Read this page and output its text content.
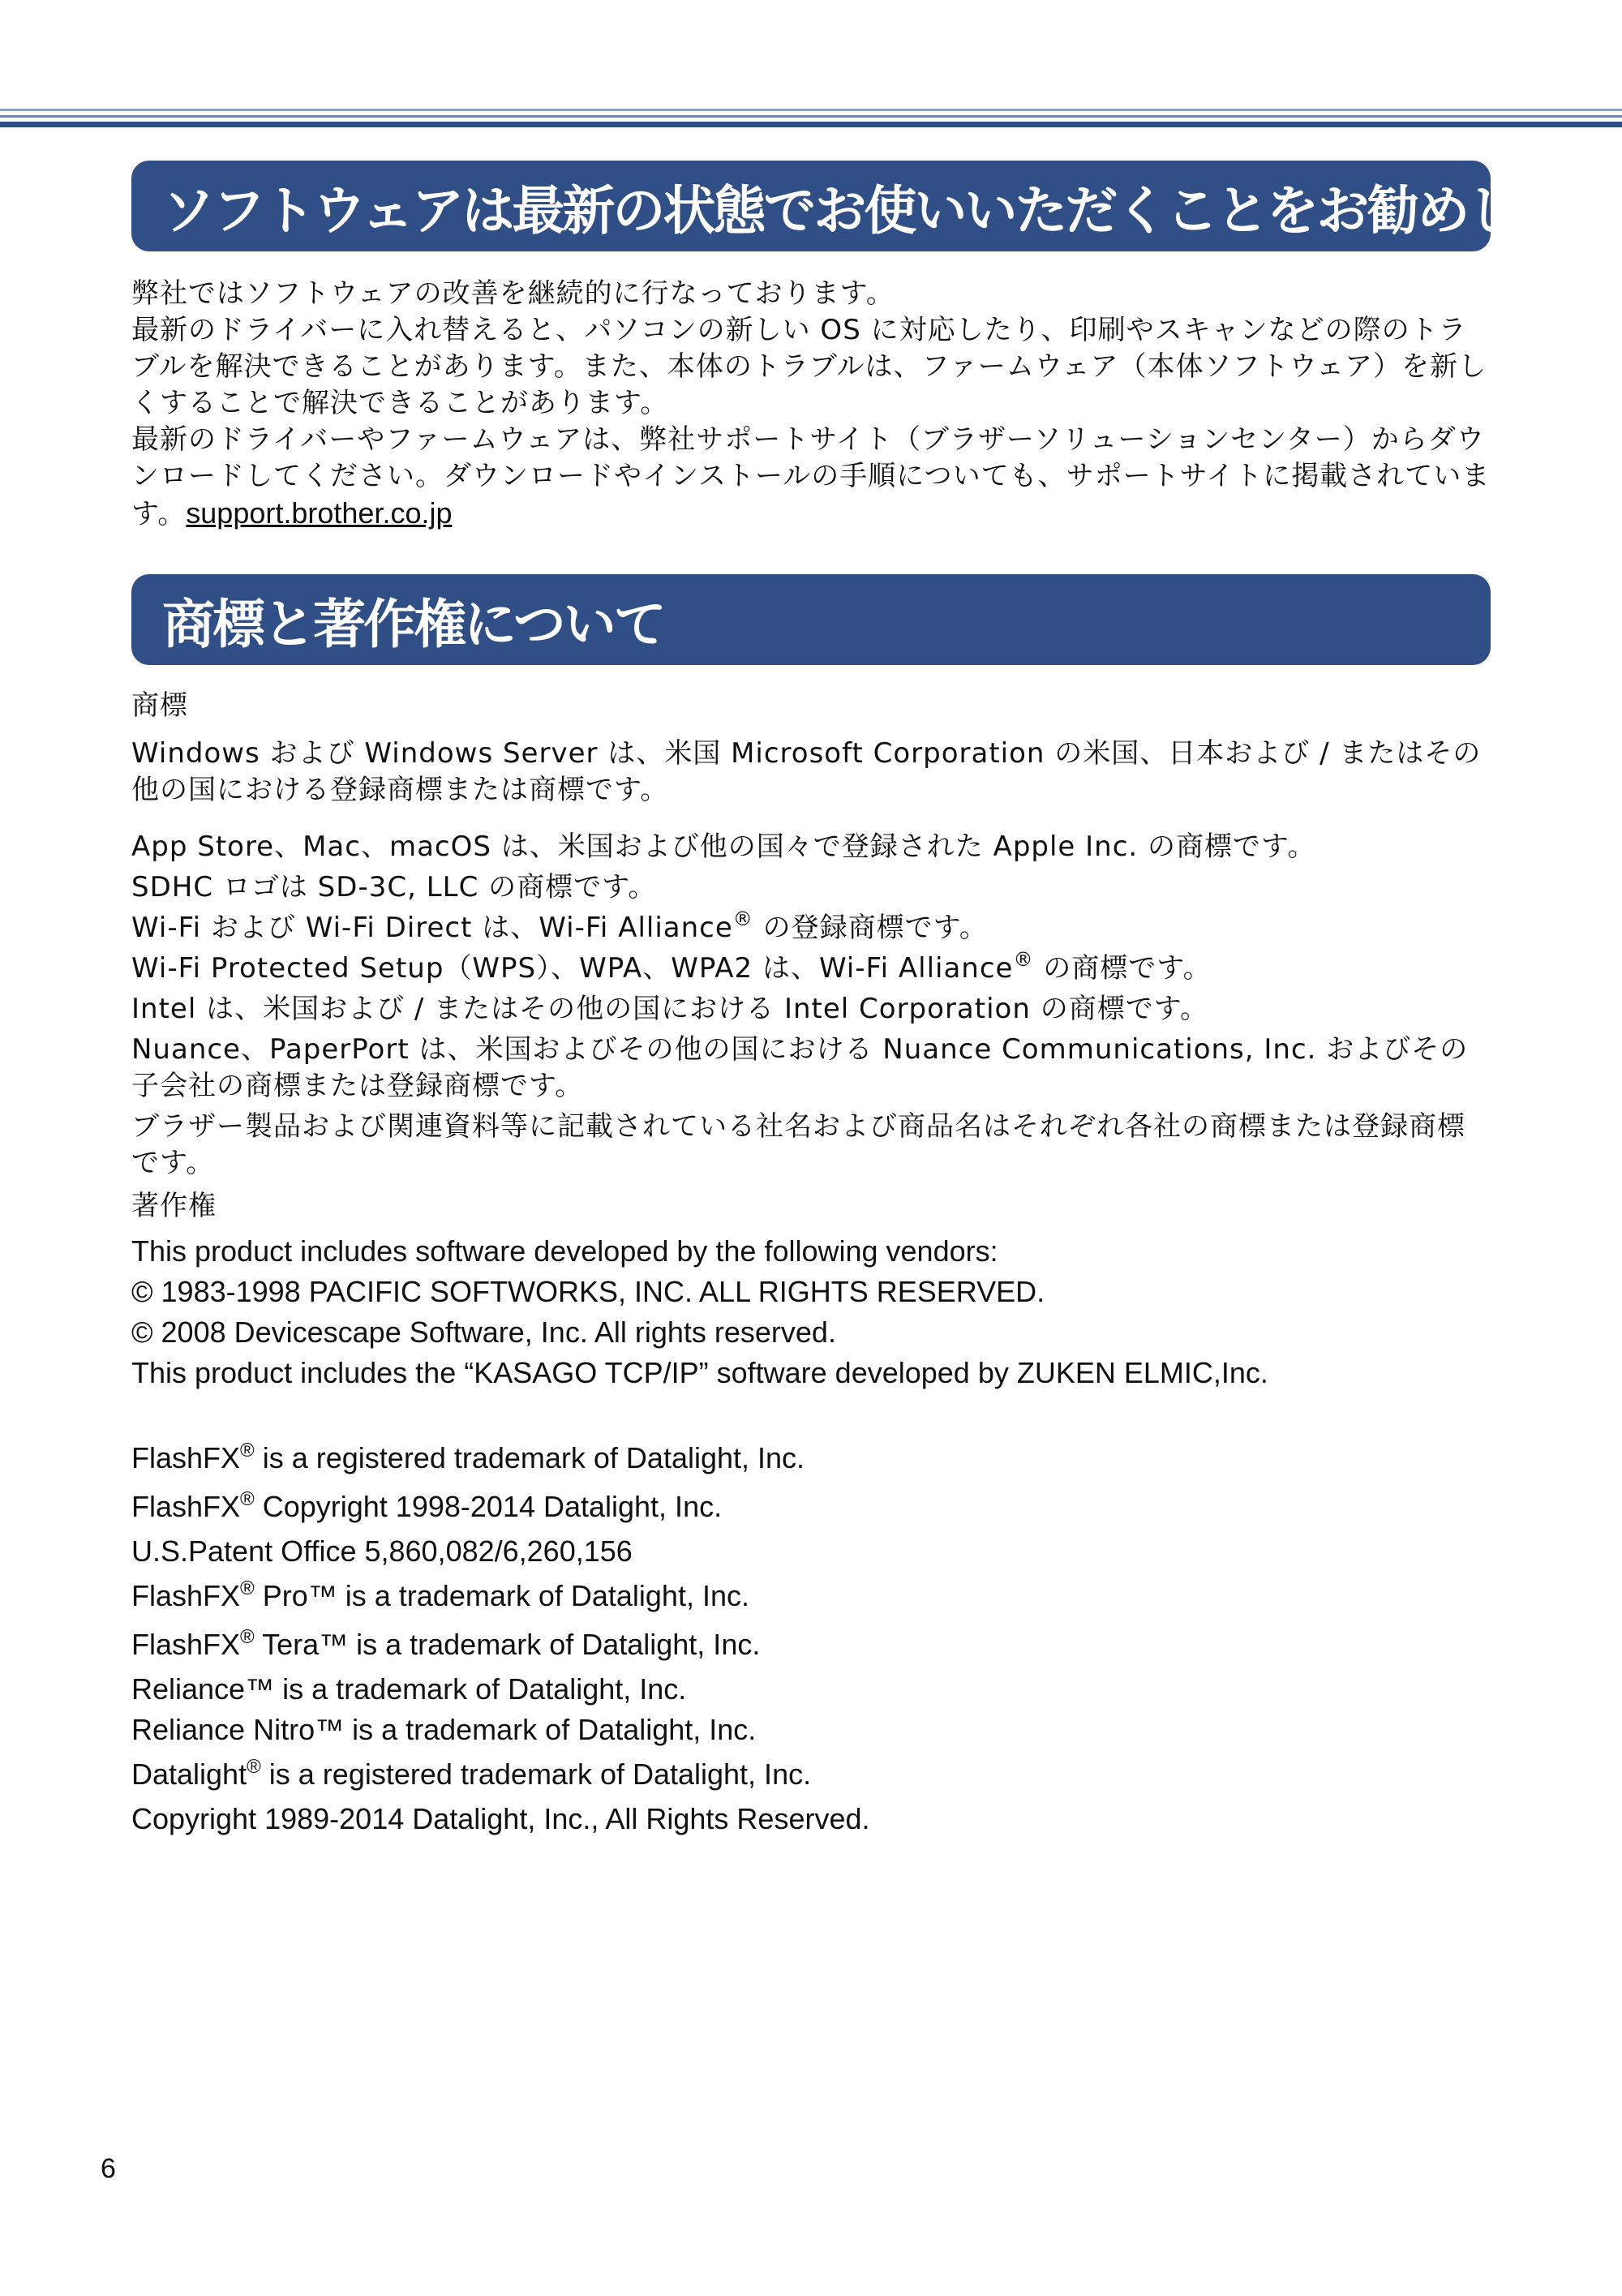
ソフトウェアは最新の状態でお使いいただくことをお勧めします

弊社ではソフトウェアの改善を継続的に行なっております。

最新のドライバーに入れ替えると、パソコンの新しい OS に対応したり、印刷やスキャンなどの際のトラブルを解決できることがあります。また、本体のトラブルは、ファームウェア（本体ソフトウェア）を新しくすることで解決できることがあります。

最新のドライバーやファームウェアは、弊社サポートサイト（ブラザーソリューションセンター）からダウンロードしてください。ダウンロードやインストールの手順についても、サポートサイトに掲載されています。support.brother.co.jp

商標と著作権について

商標

Windows および Windows Server は、米国 Microsoft Corporation の米国、日本および / またはその他の国における登録商標または商標です。

App Store、Mac、macOS は、米国および他の国々で登録された Apple Inc. の商標です。

SDHC ロゴは SD-3C, LLC の商標です。

Wi-Fi および Wi-Fi Direct は、Wi-Fi Alliance® の登録商標です。

Wi-Fi Protected Setup（WPS）、WPA、WPA2 は、Wi-Fi Alliance® の商標です。

Intel は、米国および / またはその他の国における Intel Corporation の商標です。

Nuance、PaperPort は、米国およびその他の国における Nuance Communications, Inc. およびその子会社の商標または登録商標です。

ブラザー製品および関連資料等に記載されている社名および商品名はそれぞれ各社の商標または登録商標です。

著作権

This product includes software developed by the following vendors:

© 1983-1998 PACIFIC SOFTWORKS, INC. ALL RIGHTS RESERVED.

© 2008 Devicescape Software, Inc. All rights reserved.

This product includes the “KASAGO TCP/IP” software developed by ZUKEN ELMIC,Inc.

FlashFX® is a registered trademark of Datalight, Inc.

FlashFX® Copyright 1998-2014 Datalight, Inc.

U.S.Patent Office 5,860,082/6,260,156

FlashFX® Pro™ is a trademark of Datalight, Inc.

FlashFX® Tera™ is a trademark of Datalight, Inc.

Reliance™ is a trademark of Datalight, Inc.

Reliance Nitro™ is a trademark of Datalight, Inc.

Datalight® is a registered trademark of Datalight, Inc.

Copyright 1989-2014 Datalight, Inc., All Rights Reserved.

6
